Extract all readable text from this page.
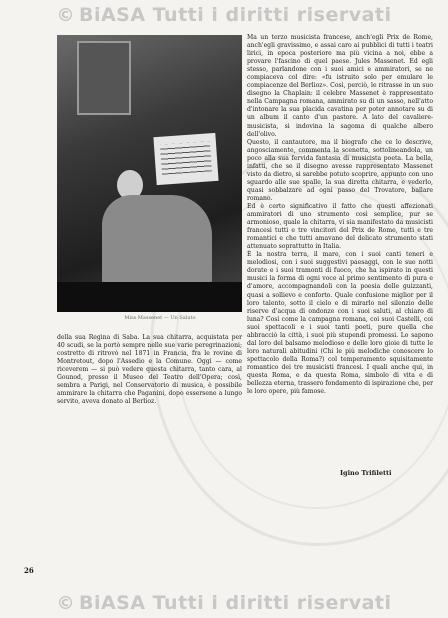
© BiASA Tutti i diritti riservati
Miss Massenet — Un Saluto

della sua Regina di Saba. La sua chitarra, acquistata per 40 scudi, se la portò sempre nelle sue varie peregrinazioni; costretto di ritrovò nel 1871 in Francia, fra le rovine di Montretout, dopo l'Assedio e la Comune. Oggi — come riceverem — si può vedere questa chitarra, tanto cara, al Gounod, presso il Museo del Teatro dell'Opera; così, sembra a Parigi, nel Conservatorio di musica, è possibile ammirare la chitarra che Paganini, dopo essersene a lungo servito, aveva donato al Berlioz.

Ma un terzo musicista francese, anch'egli Prix de Rome, anch'egli gravissimo, e assai caro ai pubblici di tutti i teatri lirici, in epoca posteriore ma più vicina a noi, ebbe a provare l'fascino di quel paese. Jules Massenet. Ed egli stesso, parlandone con i suoi amici e ammiratori, se ne compiaceva col dire: «fu istruito solo per emulare le compiacenze del Berlioz». Così, perciò, le ritrasse in un suo disegno la Chaplain: il celebre Massenet è rappresentato nella Campagna romana, ammirato su di un sasso, nell'atto d'intonare la sua placida cavatina per poter annotare su di un album il canto d'un pastore. A lato del cavaliere-musicista, si indovina la sagoma di qualche albero dell'olivo.

Questo, il cantautore, ma il biografo che ce lo descrive, angosciamente, commenta la scenetta, sottolineandola, un poco alla sua fervida fantasia di musicista poeta. La bella, infatti, che se il disegno avesse rappresentato Massenet visto da dietro, si sarebbe potuto scoprire, appunto con uno sguardo alle sue spalle, la sua diretta chitarra, e vederlo, quasi sobbalzare ad ogni passo del Trovatore, ballare romano.

Ed è certo significativo il fatto che questi affezionati ammiratori di uno strumento così semplice, pur se armonioso, quale la chitarra, vi sia manifestato da musicisti francesi tutti e tre vincitori del Prix de Rome, tutti e tre romantici e che tutti amavano del delicato strumento stati attenuato soprattutto in Italia.

È la nostra terra, il mare, con i suoi canti teneri e melodiosi, con i suoi suggestivi paesaggi, con le sue notti dorate e i suoi tramonti di fuoco, che ha ispirato in questi musici la forma di ogni voce al primo sentimento di pura e d'amore, accompagnandoli con la poesia delle guizzanti, quasi a sollievo e conforto. Quale confusione miglior per il loro talento, sotto il cielo e di mirarlo nel silenzio delle riserve d'acqua di ondonze con i suoi saluti, al chiaro di luna? Così come la campagna romana, coi suoi Castelli, coi suoi spettacoli e i suoi tanti poeti, pure quella che abbracciò la città, i suoi più stupendi promessi. Lo sapono dal loro del balsamo melodioso e delle loro gioie di tutte le loro naturali abitudini (Chi le più melodiche conoscere lo spettacolo della Roma?) col temperamento squisitamente romantico dei tre musicisti francesi. I quali anche qui, in questa Roma, e da questa Roma, simbolo di vita e di bellezza eterna, trassero fondamento di ispirazione che, per le loro opere, più famose.

Igino Trifiletti
26
© BiASA Tutti i diritti riservati
